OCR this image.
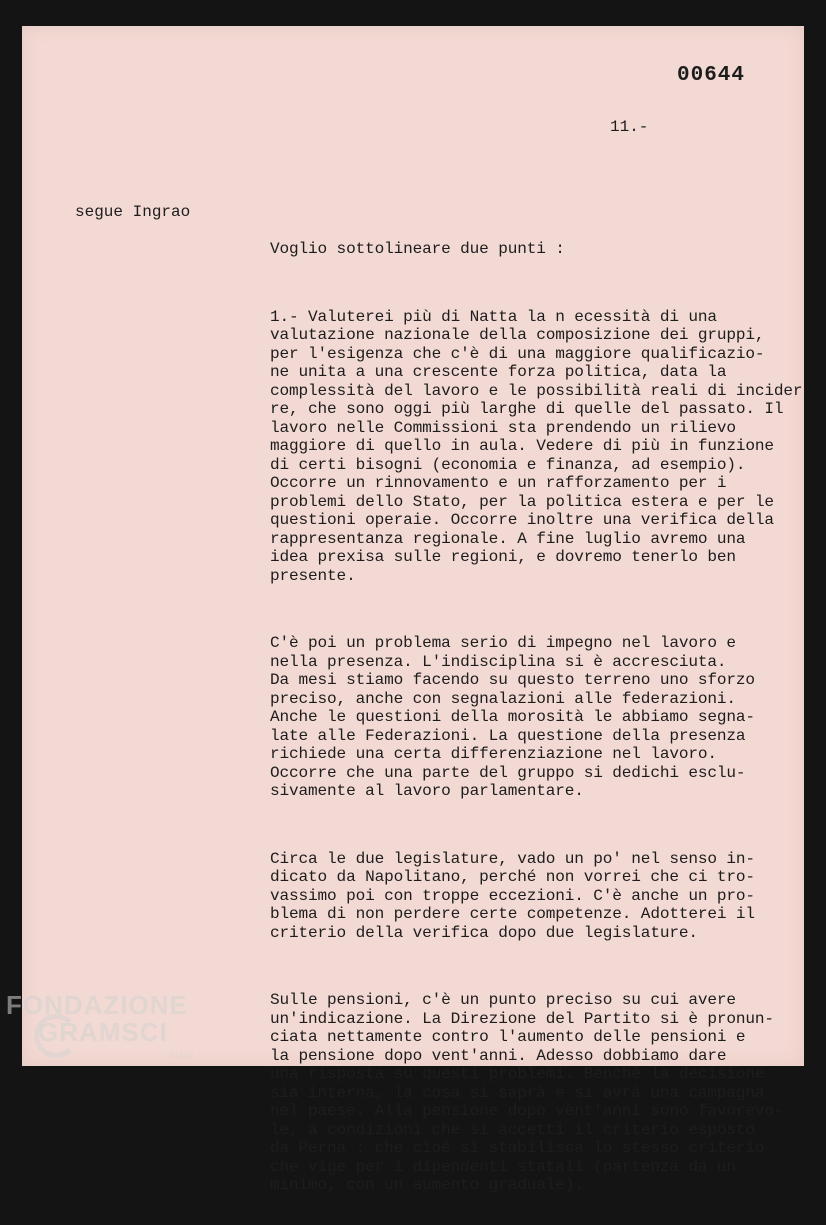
00644
11.-
segue Ingrao

Voglio sottolineare due punti :

1.- Valuterei più di Natta la n ecessità di una
valutazione nazionale della composizione dei gruppi,
per l'esigenza che c'è di una maggiore qualificazio-
ne unita a una crescente forza politica, data la
complessità del lavoro e le possibilità reali di incider
re, che sono oggi più larghe di quelle del passato. Il
lavoro nelle Commissioni sta prendendo un rilievo
maggiore di quello in aula. Vedere di più in funzione
di certi bisogni (economia e finanza, ad esempio).
Occorre un rinnovamento e un rafforzamento per i
problemi dello Stato, per la politica estera e per le
questioni operaie. Occorre inoltre una verifica della
rappresentanza regionale. A fine luglio avremo una
idea prexisa sulle regioni, e dovremo tenerlo ben
presente.

C'è poi un problema serio di impegno nel lavoro e
nella presenza. L'indisciplina si è accresciuta.
Da mesi stiamo facendo su questo terreno uno sforzo
preciso, anche con segnalazioni alle federazioni.
Anche le questioni della morosità le abbiamo segna-
late alle Federazioni. La questione della presenza
richiede una certa differenziazione nel lavoro.
Occorre che una parte del gruppo si dedichi esclu-
sivamente al lavoro parlamentare.

Circa le due legislature, vado un po' nel senso in-
dicato da Napolitano, perché non vorrei che ci tro-
vassimo poi con troppe eccezioni. C'è anche un pro-
blema di non perdere certe competenze. Adotterei il
criterio della verifica dopo due legislature.

Sulle pensioni, c'è un punto preciso su cui avere
un'indicazione. La Direzione del Partito si è pronun-
ciata nettamente contro l'aumento delle pensioni e
la pensione dopo vent'anni. Adesso dobbiamo dare
una risposta su questi problemi. Benché la decisione
sia interna, la cosa si saprà e si avrà una campagna
nel paese. Alla pensione dopo vènt'anni sono favorevo-
le, a condizioni che si accetti il criterio esposto
da Perna : che cioè si stabilisca lo stesso criterio
che vige per i dipendenti statali (partenza da un
minimo, con un aumento graduale).

FONDAZIONE
GRAMSCI
onlus
